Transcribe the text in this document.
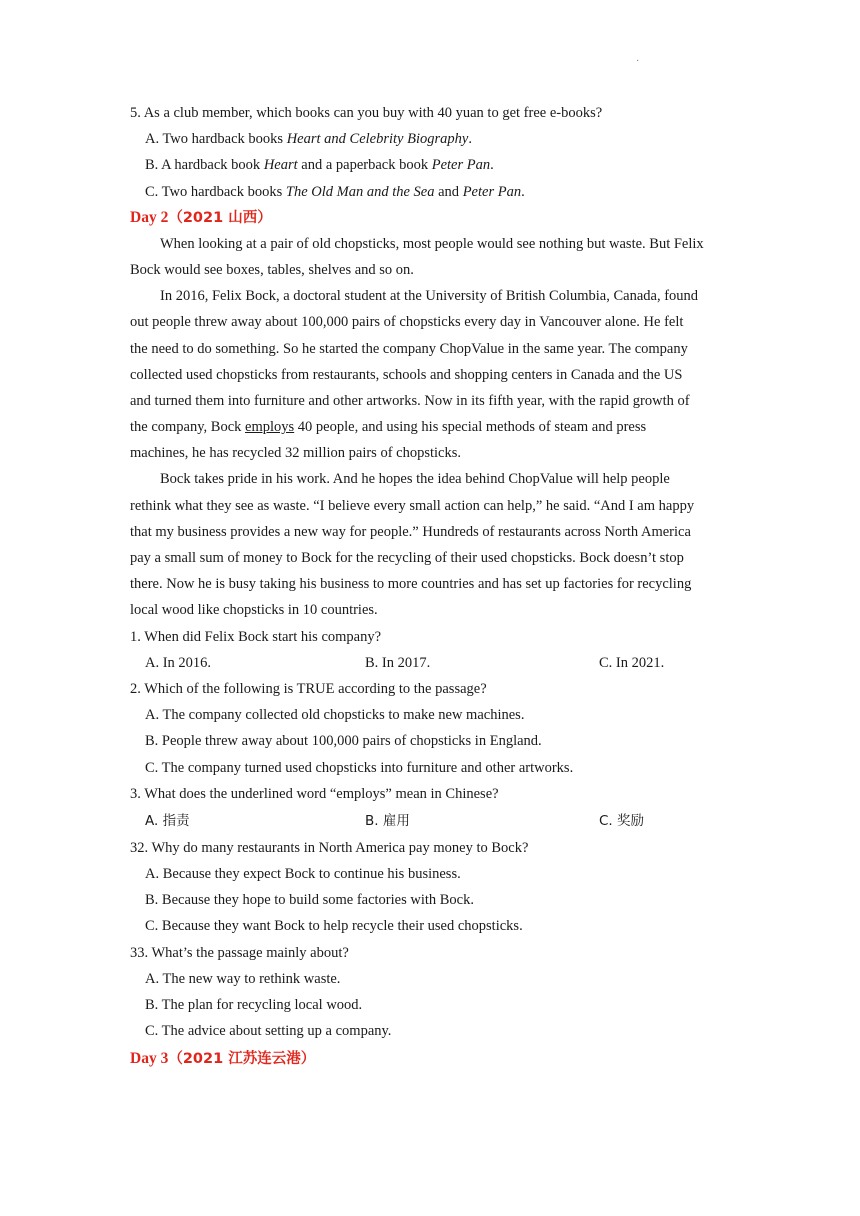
·
5. As a club member, which books can you buy with 40 yuan to get free e-books?
A. Two hardback books Heart and Celebrity Biography.
B. A hardback book Heart and a paperback book Peter Pan.
C. Two hardback books The Old Man and the Sea and Peter Pan.
Day 2（2021 山西）
When looking at a pair of old chopsticks, most people would see nothing but waste. But Felix
Bock would see boxes, tables, shelves and so on.
In 2016, Felix Bock, a doctoral student at the University of British Columbia, Canada, found
out people threw away about 100,000 pairs of chopsticks every day in Vancouver alone. He felt
the need to do something. So he started the company ChopValue in the same year. The company
collected used chopsticks from restaurants, schools and shopping centers in Canada and the US
and turned them into furniture and other artworks. Now in its fifth year, with the rapid growth of
the company, Bock employs 40 people, and using his special methods of steam and press
machines, he has recycled 32 million pairs of chopsticks.
Bock takes pride in his work. And he hopes the idea behind ChopValue will help people
rethink what they see as waste. “I believe every small action can help,” he said. “And I am happy
that my business provides a new way for people.” Hundreds of restaurants across North America
pay a small sum of money to Bock for the recycling of their used chopsticks. Bock doesn’t stop
there. Now he is busy taking his business to more countries and has set up factories for recycling
local wood like chopsticks in 10 countries.
1. When did Felix Bock start his company?
A. In 2016.	B. In 2017.	C. In 2021.
2. Which of the following is TRUE according to the passage?
A. The company collected old chopsticks to make new machines.
B. People threw away about 100,000 pairs of chopsticks in England.
C. The company turned used chopsticks into furniture and other artworks.
3. What does the underlined word “employs” mean in Chinese?
A. 指责	B. 雇用	C. 奖励
32. Why do many restaurants in North America pay money to Bock?
A. Because they expect Bock to continue his business.
B. Because they hope to build some factories with Bock.
C. Because they want Bock to help recycle their used chopsticks.
33. What’s the passage mainly about?
A. The new way to rethink waste.
B. The plan for recycling local wood.
C. The advice about setting up a company.
Day 3（2021 江苏连云港）
